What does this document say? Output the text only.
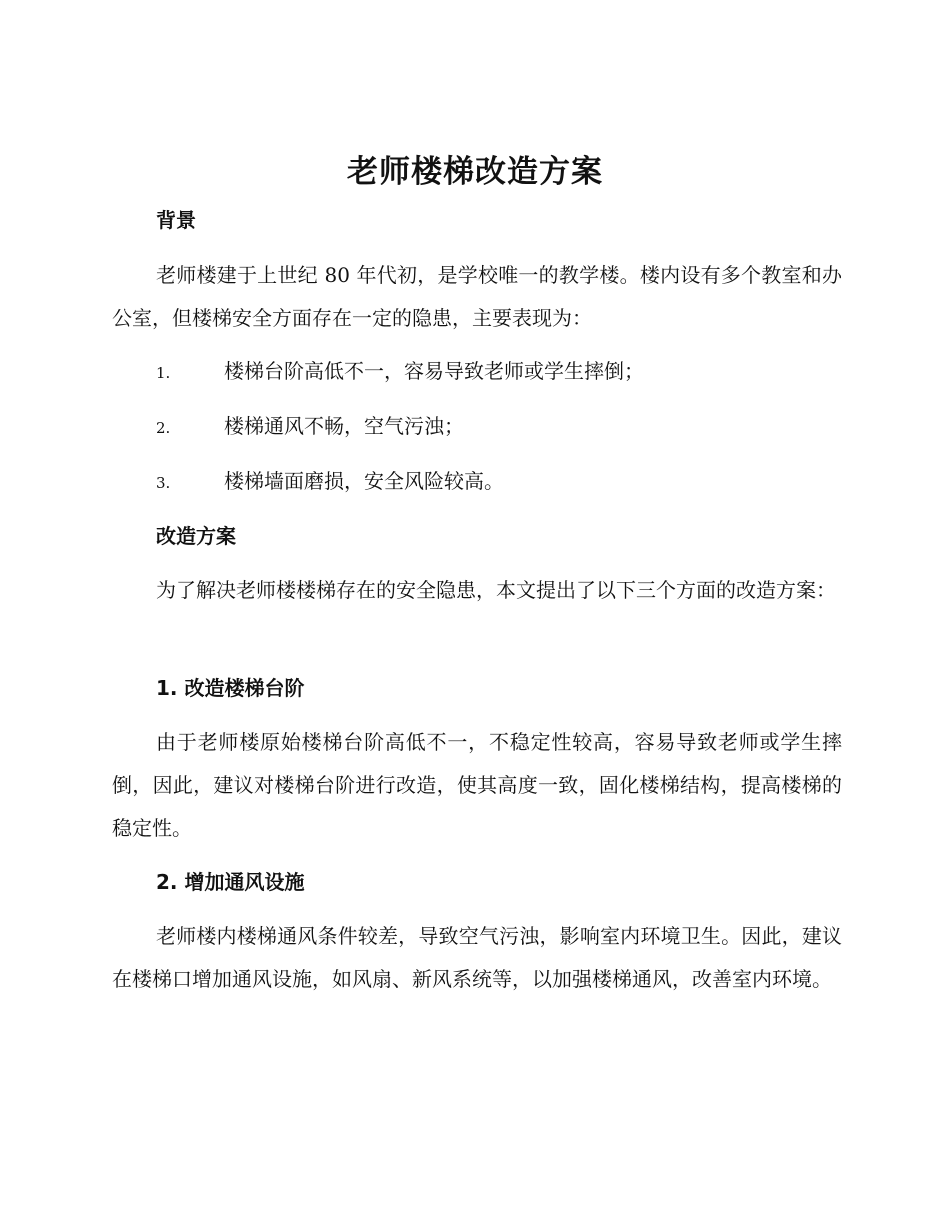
老师楼梯改造方案
背景

老师楼建于上世纪 80 年代初，是学校唯一的教学楼。楼内设有多个教室和办公室，但楼梯安全方面存在一定的隐患，主要表现为：

1.	楼梯台阶高低不一，容易导致老师或学生摔倒；
2.	楼梯通风不畅，空气污浊；
3.	楼梯墙面磨损，安全风险较高。
改造方案

为了解决老师楼楼梯存在的安全隐患，本文提出了以下三个方面的改造方案：

1. 改造楼梯台阶

由于老师楼原始楼梯台阶高低不一，不稳定性较高，容易导致老师或学生摔倒，因此，建议对楼梯台阶进行改造，使其高度一致，固化楼梯结构，提高楼梯的稳定性。

2. 增加通风设施

老师楼内楼梯通风条件较差，导致空气污浊，影响室内环境卫生。因此，建议在楼梯口增加通风设施，如风扇、新风系统等，以加强楼梯通风，改善室内环境。
